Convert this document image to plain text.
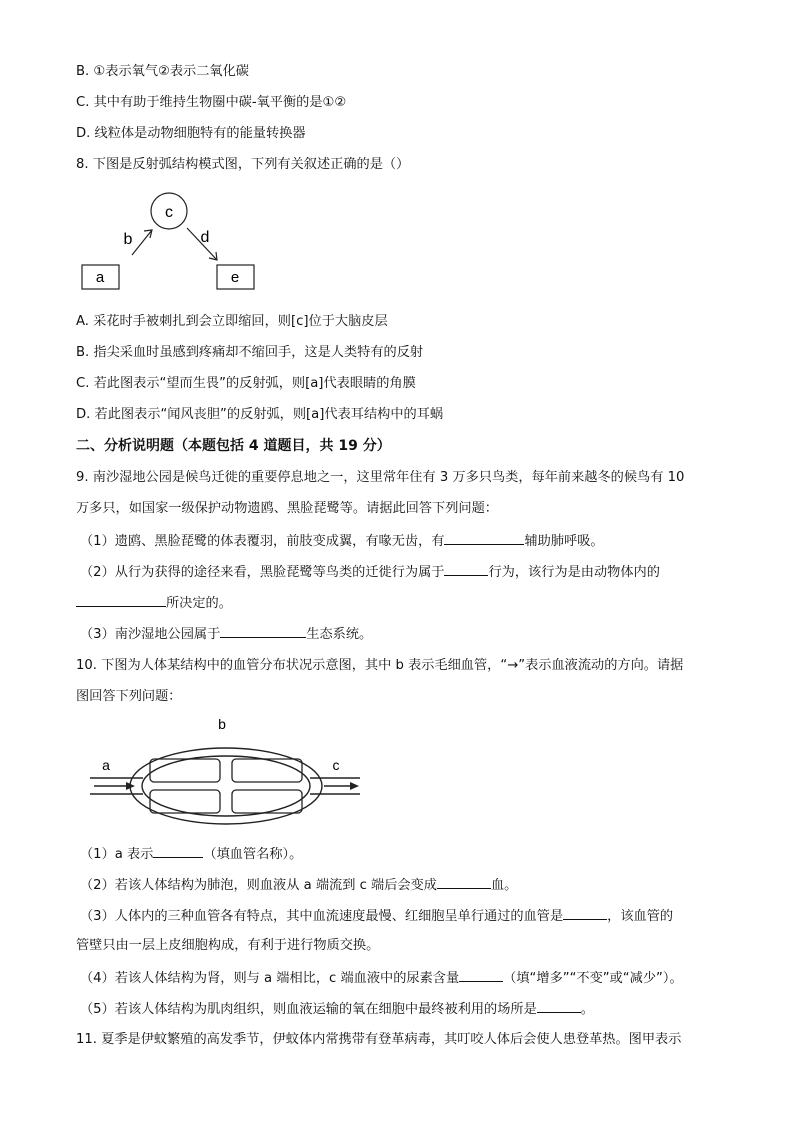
B. ①表示氧气②表示二氧化碳
C. 其中有助于维持生物圈中碳-氧平衡的是①②
D. 线粒体是动物细胞特有的能量转换器
8. 下图是反射弧结构模式图，下列有关叙述正确的是（）
c
a	e
b	d
A. 采花时手被刺扎到会立即缩回，则[c]位于大脑皮层
B. 指尖采血时虽感到疼痛却不缩回手，这是人类特有的反射
C. 若此图表示“望而生畏”的反射弧，则[a]代表眼睛的角膜
D. 若此图表示“闻风丧胆”的反射弧，则[a]代表耳结构中的耳蜗
二、分析说明题（本题包括 4 道题目，共 19 分）
9. 南沙湿地公园是候鸟迁徙的重要停息地之一，这里常年住有 3 万多只鸟类，每年前来越冬的候鸟有 10
万多只，如国家一级保护动物遗鸥、黑脸琵鹭等。请据此回答下列问题：
（1）遗鸥、黑脸琵鹭的体表覆羽，前肢变成翼，有喙无齿，有	辅助肺呼吸。
（2）从行为获得的途径来看，黑脸琵鹭等鸟类的迁徙行为属于	行为，该行为是由动物体内的
所决定的。
（3）南沙湿地公园属于	生态系统。
10. 下图为人体某结构中的血管分布状况示意图，其中 b 表示毛细血管，“→”表示血液流动的方向。请据
图回答下列问题：
a	c
b
（1）a 表示	（填血管名称）。
（2）若该人体结构为肺泡，则血液从 a 端流到 c 端后会变成	血。
（3）人体内的三种血管各有特点，其中血流速度最慢、红细胞呈单行通过的血管是	，该血管的
管壁只由一层上皮细胞构成，有利于进行物质交换。
（4）若该人体结构为肾，则与 a 端相比，c 端血液中的尿素含量	（填“增多”“不变”或“减少”）。
（5）若该人体结构为肌肉组织，则血液运输的氧在细胞中最终被利用的场所是	。
11. 夏季是伊蚊繁殖的高发季节，伊蚊体内常携带有登革病毒，其叮咬人体后会使人患登革热。图甲表示
